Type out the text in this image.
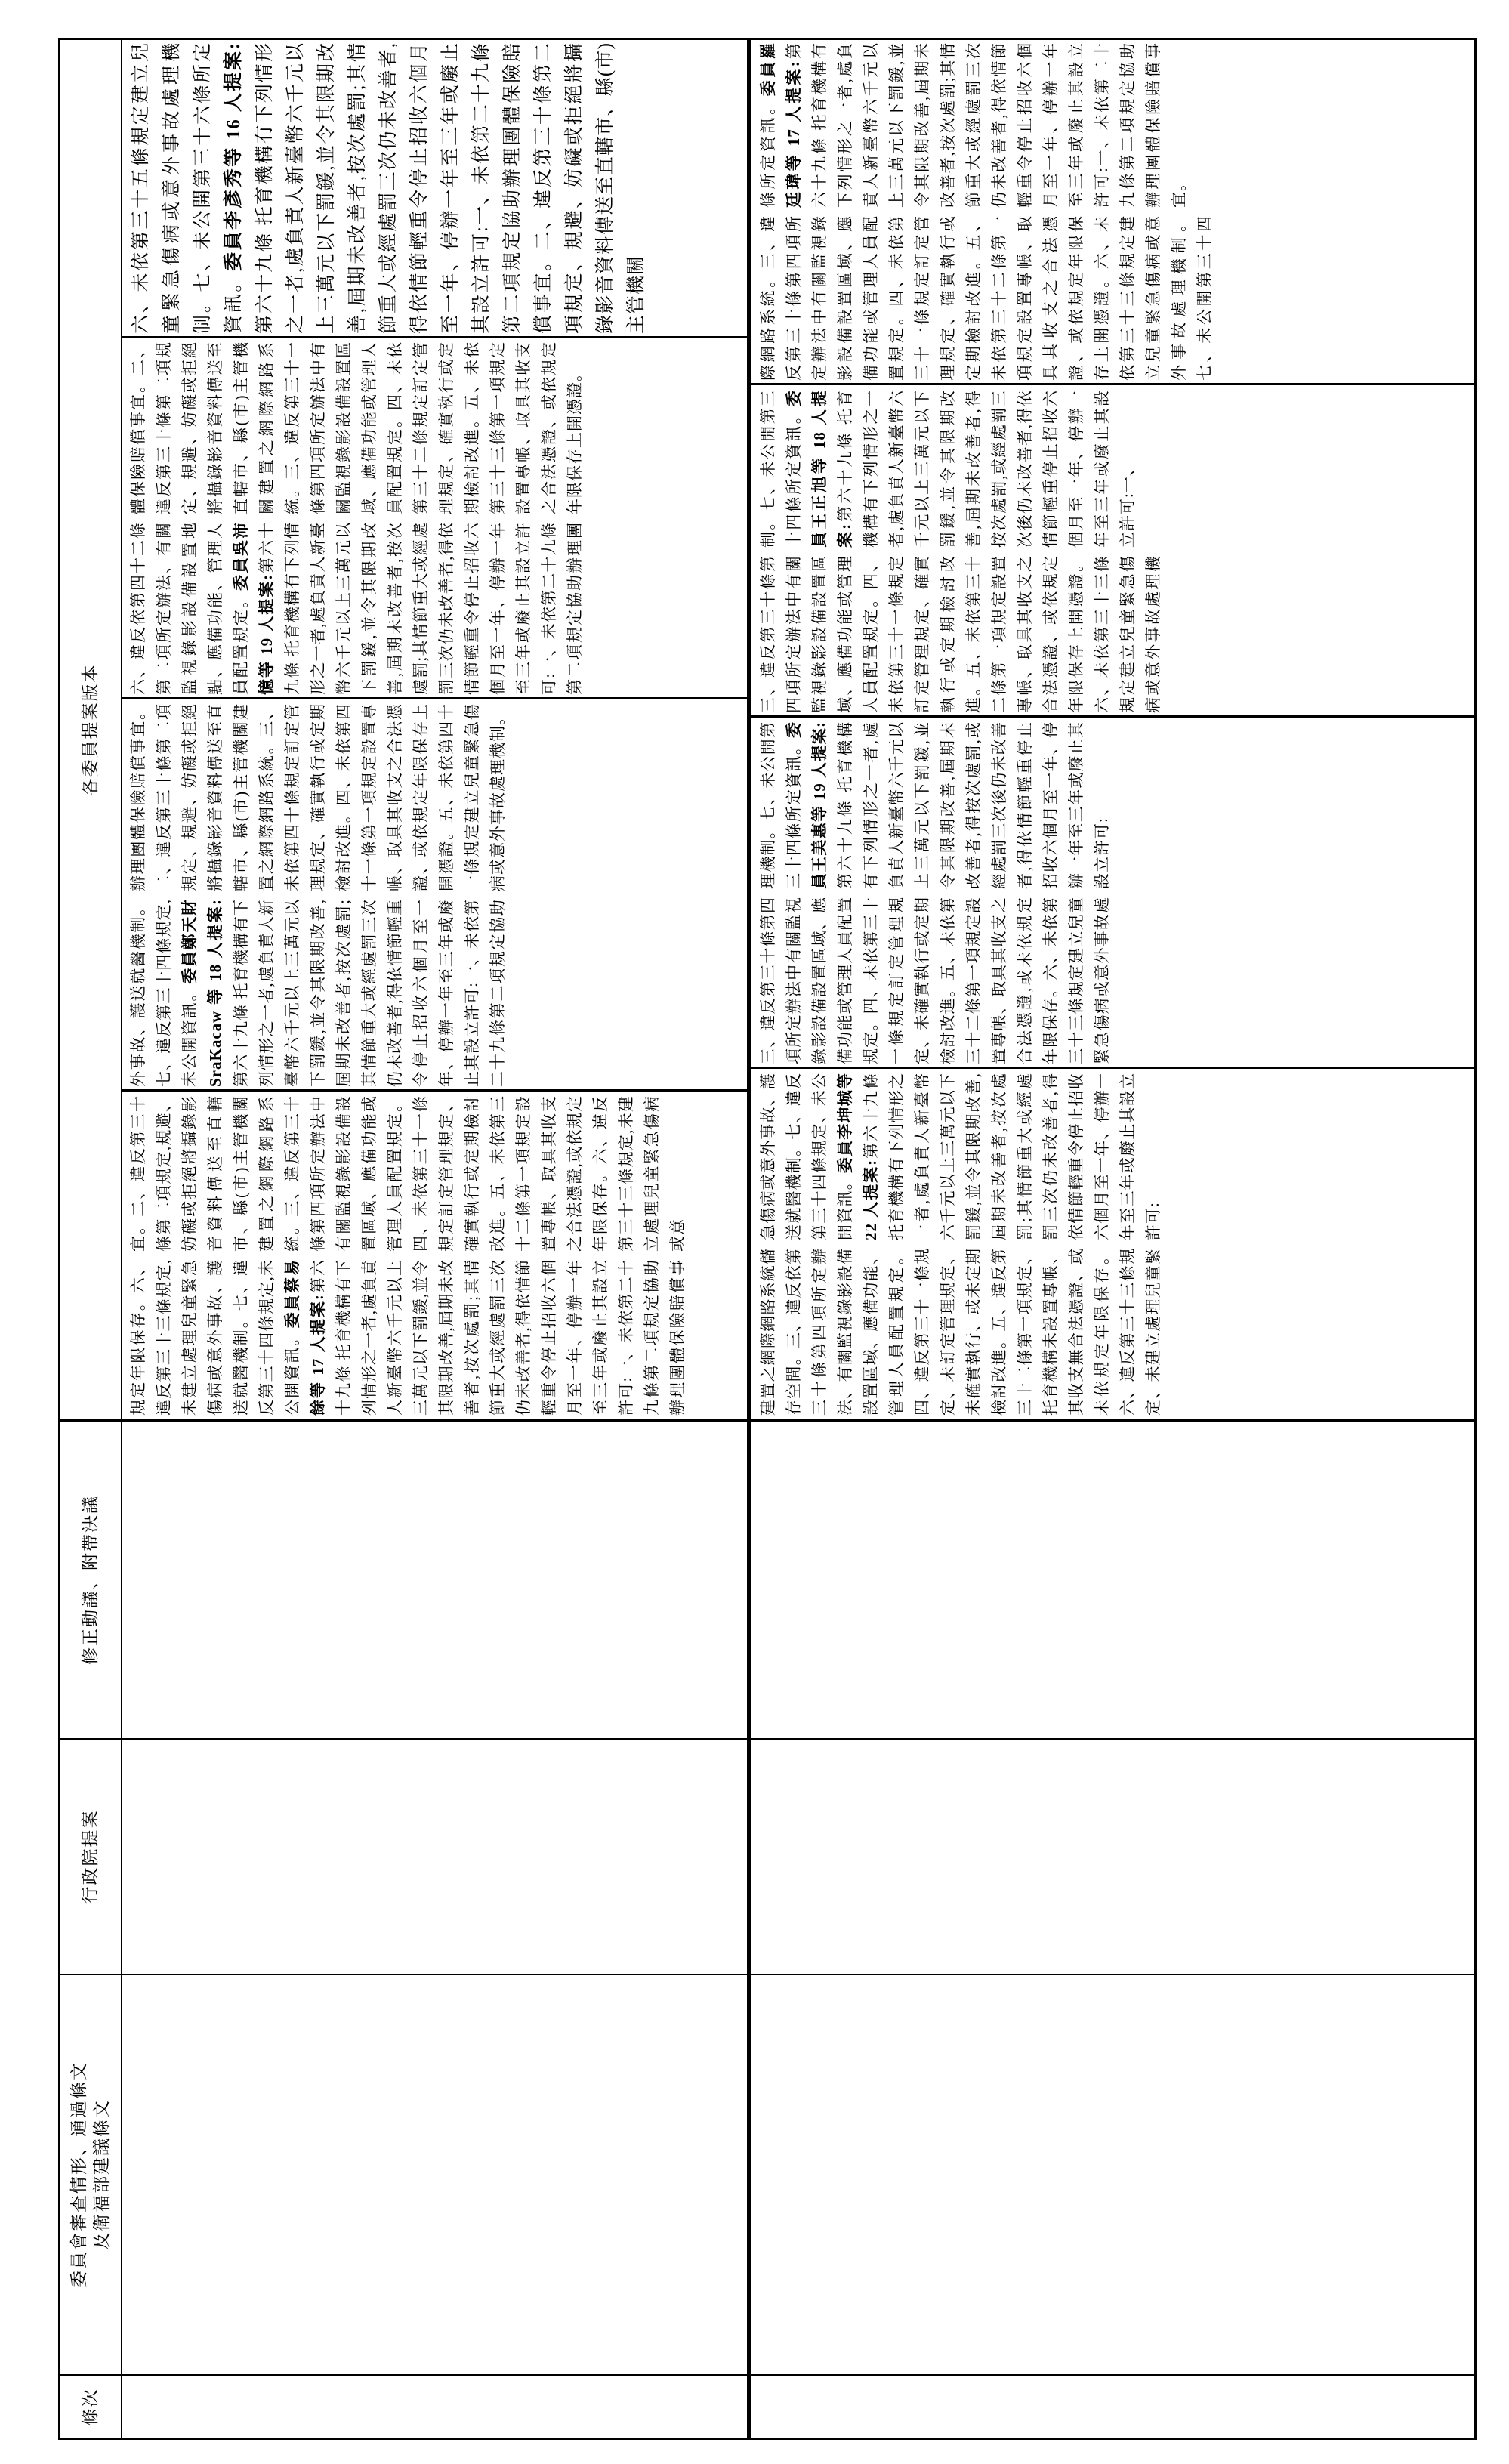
條次
委員會審查情形、通過條文 及衛福部建議條文
行政院提案
修正動議、附帶決議
各委員提案版本
規定年限保存。六、違反第三十三條規定,未建立處理兒童緊急傷病或意外事故、護送就醫機制。七、違反第三十四條規定,未公開資訊。委員蔡易餘等 17 人提案:第六十九條 托育機構有下列情形之一者,處負責人新臺幣六千元以上三萬元以下罰鍰,並令其限期改善,屆期未改善者,按次處罰;其情節重大或經處罰三次仍未改善者,得依情節輕重令停止招收六個月至一年、停辦一年至三年或廢止其設立許可:一、未依第二十九條第二項規定協助辦理團體保險賠償事宜。二、違反第三十條第二項規定,規避、妨礙或拒絕將攝錄影音資料傳送至直轄市、縣(市)主管機關建置之網際網路系統。三、違反第三十條第四項所定辦法中有關監視錄影設備設置區域、應備功能或管理人員配置規定。四、未依第三十一條規定訂定管理規定、確實執行或定期檢討改進。五、未依第三十二條第一項規定設置專帳、取具其收支之合法憑證,或依規定年限保存。六、違反第三十三條規定,未建立處理兒童緊急傷病或意
外事故、護送就醫機制。七、違反第三十四條規定,未公開資訊。委員鄭天財 SraKacaw 等 18 人提案: 第六十九條 托育機構有下列情形之一者,處負責人新臺幣六千元以上三萬元以下罰鍰,並令其限期改善,屆期未改善者,按次處罰;其情節重大或經處罰三次仍未改善者,得依情節輕重令停止招收六個月至一年、停辦一年至三年或廢止其設立許可:一、未依第二十九條第二項規定協助辦理團體保險賠償事宜。二、違反第三十條第二項規定、規避、妨礙或拒絕將攝錄影音資料傳送至直轄市、縣(市)主管機關建置之網際網路系統。三、未依第四十條規定訂定管理規定、確實執行或定期檢討改進。四、未依第四十一條第一項規定設置專帳、取具其收支之合法憑證、或依規定年限保存上開憑證。五、未依第四十一條規定建立兒童緊急傷病或意外事故處理機制。
六、違反依第四十二條第二項所定辦法、有關監視錄影設備設置地點、應備功能、管理人員配置規定。委員吳沛憶等 19 人提案:第六十九條 托育機構有下列情形之一者,處負責人新臺幣六千元以上三萬元以下罰鍰,並令其限期改善,屆期未改善者,按次處罰;其情節重大或經處罰三次仍未改善者,得依情節輕重令停止招收六個月至一年、停辦一年至三年或廢止其設立許可:一、未依第二十九條第二項規定協助辦理團體保險賠償事宜。二、違反第三十條第二項規定、規避、妨礙或拒絕將攝錄影音資料傳送至直轄市、縣(市)主管機關建置之網際網路系統。三、違反第三十一條第四項所定辦法中有關監視錄影設備設置區域、應備功能或管理人員配置規定。四、未依第三十二條規定訂定管理規定、確實執行或定期檢討改進。五、未依第三十三條第一項規定設置專帳、取具其收支之合法憑證、或依規定年限保存上開憑證。
六、未依第三十五條規定建立兒童緊急傷病或意外事故處理機制。七、未公開第三十六條所定資訊。委員李彥秀等 16 人提案: 第六十九條 托育機構有下列情形之一者,處負責人新臺幣六千元以上三萬元以下罰鍰,並令其限期改善,屆期未改善者,按次處罰;其情節重大或經處罰三次仍未改善者,得依情節輕重令停止招收六個月至一年、停辦一年至三年或廢止其設立許可:一、未依第二十九條第二項規定協助辦理團體保險賠償事宜。二、違反第三十條第二項規定、規避、妨礙或拒絕將攝錄影音資料傳送至直轄市、縣(市)主管機關
建置之網際網路系統儲存空間。三、違反依第三十條第四項所定辦法、有關監視錄影設備設置區域、應備功能、管理人員配置規定。四、違反第三十一條規定、未訂定管理規定、未確實執行、或未定期檢討改進。五、違反第三十二條第一項規定、托育機構未設置專帳、其收支無合法憑證、或未依規定年限保存。六、違反第三十三條規定、未建立處理兒童緊急傷病或意外事故、護送就醫機制。七、違反第三十四條規定、未公開資訊。委員李坤城等 22 人提案:第六十九條 托育機構有下列情形之一者,處負責人新臺幣六千元以上三萬元以下罰鍰,並令其限期改善,屆期未改善者,按次處罰;其情節重大或經處罰三次仍未改善者,得依情節輕重令停止招收六個月至一年、停辦一年至三年或廢止其設立許可:
三、違反第三十條第四項所定辦法中有關監視錄影設備設置區域、應備功能或管理人員配置規定。四、未依第三十一條規定訂定管理規定、未確實執行或定期檢討改進。五、未依第三十二條第一項規定設置專帳、取具其收支之合法憑證,或未依規定年限保存。六、未依第三十三條規定建立兒童緊急傷病或意外事故處理機制。七、未公開第三十四條所定資訊。委員王美惠等 19 人提案: 第六十九條 托育機構有下列情形之一者,處負責人新臺幣六千元以上三萬元以下罰鍰,並令其限期改善,屆期未改善者,得按次處罰,或經處罰三次後仍未改善者,得依情節輕重停止招收六個月至一年、停辦一年至三年或廢止其設立許可:
三、違反第三十條第四項所定辦法中有關監視錄影設備設置區域、應備功能或管理人員配置規定。四、未依第三十一條規定訂定管理規定、確實執行或定期檢討改進。五、未依第三十二條第一項規定設置專帳、取具其收支之合法憑證、或依規定年限保存上開憑證。六、未依第三十三條規定建立兒童緊急傷病或意外事故處理機制。七、未公開第三十四條所定資訊。委員王正旭等 18 人提案:第六十九條 托育機構有下列情形之一者,處負責人新臺幣六千元以上三萬元以下罰鍰,並令其限期改善,屆期未改善者,得按次處罰,或經處罰三次後仍未改善者,得依情節輕重停止招收六個月至一年、停辦一年至三年或廢止其設立許可:一、
際網路系統。三、違反第三十條第四項所定辦法中有關監視錄影設備設置區域、應備功能或管理人員配置規定。四、未依第三十一條規定訂定管理規定、確實執行或定期檢討改進。五、未依第三十二條第一項規定設置專帳、取具其收支之合法憑證、或依規定年限保存上開憑證。六、未依第三十三條規定建立兒童緊急傷病或意外事故處理機制。七、未公開第三十四條所定資訊。委員羅廷瑋等 17 人提案:第六十九條 托育機構有下列情形之一者,處負責人新臺幣六千元以上三萬元以下罰鍰,並令其限期改善,屆期未改善者,按次處罰;其情節重大或經處罰三次仍未改善者,得依情節輕重令停止招收六個月至一年、停辦一年至三年或廢止其設立許可:一、未依第二十九條第二項規定協助辦理團體保險賠償事宜。
